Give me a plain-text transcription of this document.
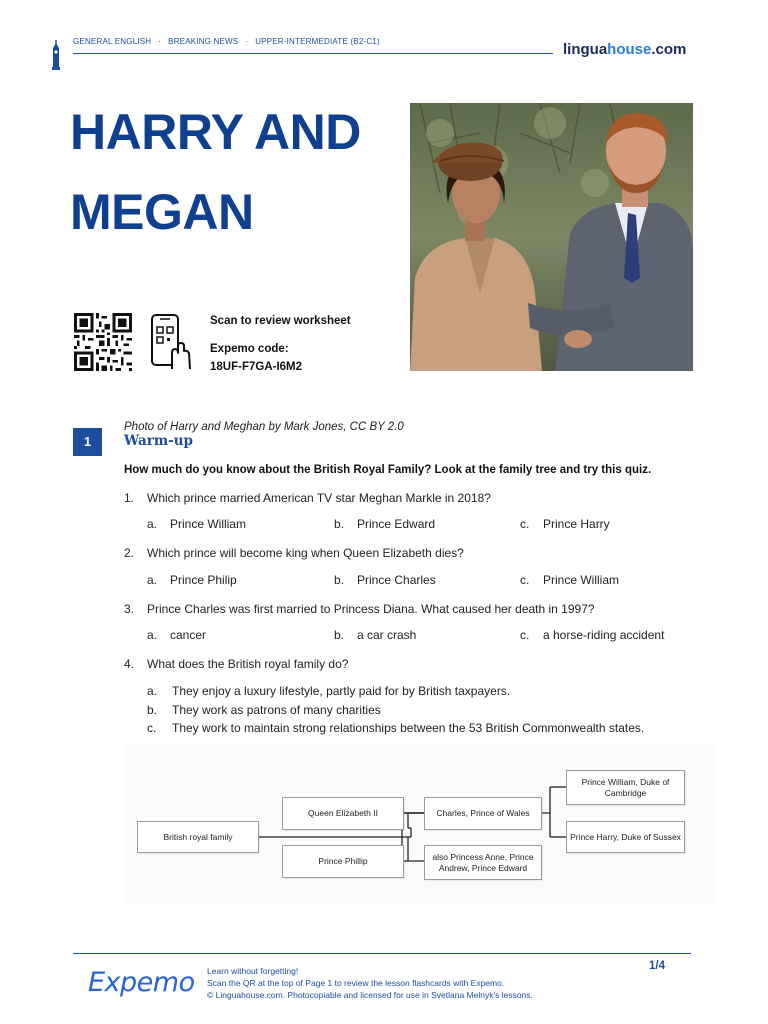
GENERAL ENGLISH · BREAKING NEWS · UPPER-INTERMEDIATE (B2-C1)	linguahouse.com
HARRY AND
MEGAN
Scan to review worksheet
Expemo code:
18UF-F7GA-I6M2
Photo of Harry and Meghan by Mark Jones, CC BY 2.0
1	Warm-up
How much do you know about the British Royal Family? Look at the family tree and try this quiz.
1. Which prince married American TV star Meghan Markle in 2018?
a. Prince William	b. Prince Edward	c. Prince Harry
2. Which prince will become king when Queen Elizabeth dies?
a. Prince Philip	b. Prince Charles	c. Prince William
3. Prince Charles was first married to Princess Diana. What caused her death in 1997?
a. cancer	b. a car crash	c. a horse-riding accident
4. What does the British royal family do?
a. They enjoy a luxury lifestyle, partly paid for by British taxpayers.
b. They work as patrons of many charities
c. They work to maintain strong relationships between the 53 British Commonwealth states.
British royal family
Queen Elizabeth II
Prince Phillip
Charles, Prince of Wales
also Princess Anne, Prince
Andrew, Prince Edward
Prince William, Duke of
Cambridge
Prince Harry, Duke of Sussex
Expemo Learn without forgetting!
Scan the QR at the top of Page 1 to review the lesson flashcards with Expemo.
© Linguahouse.com. Photocopiable and licensed for use in Svetlana Melnyk's lessons.
1/4
